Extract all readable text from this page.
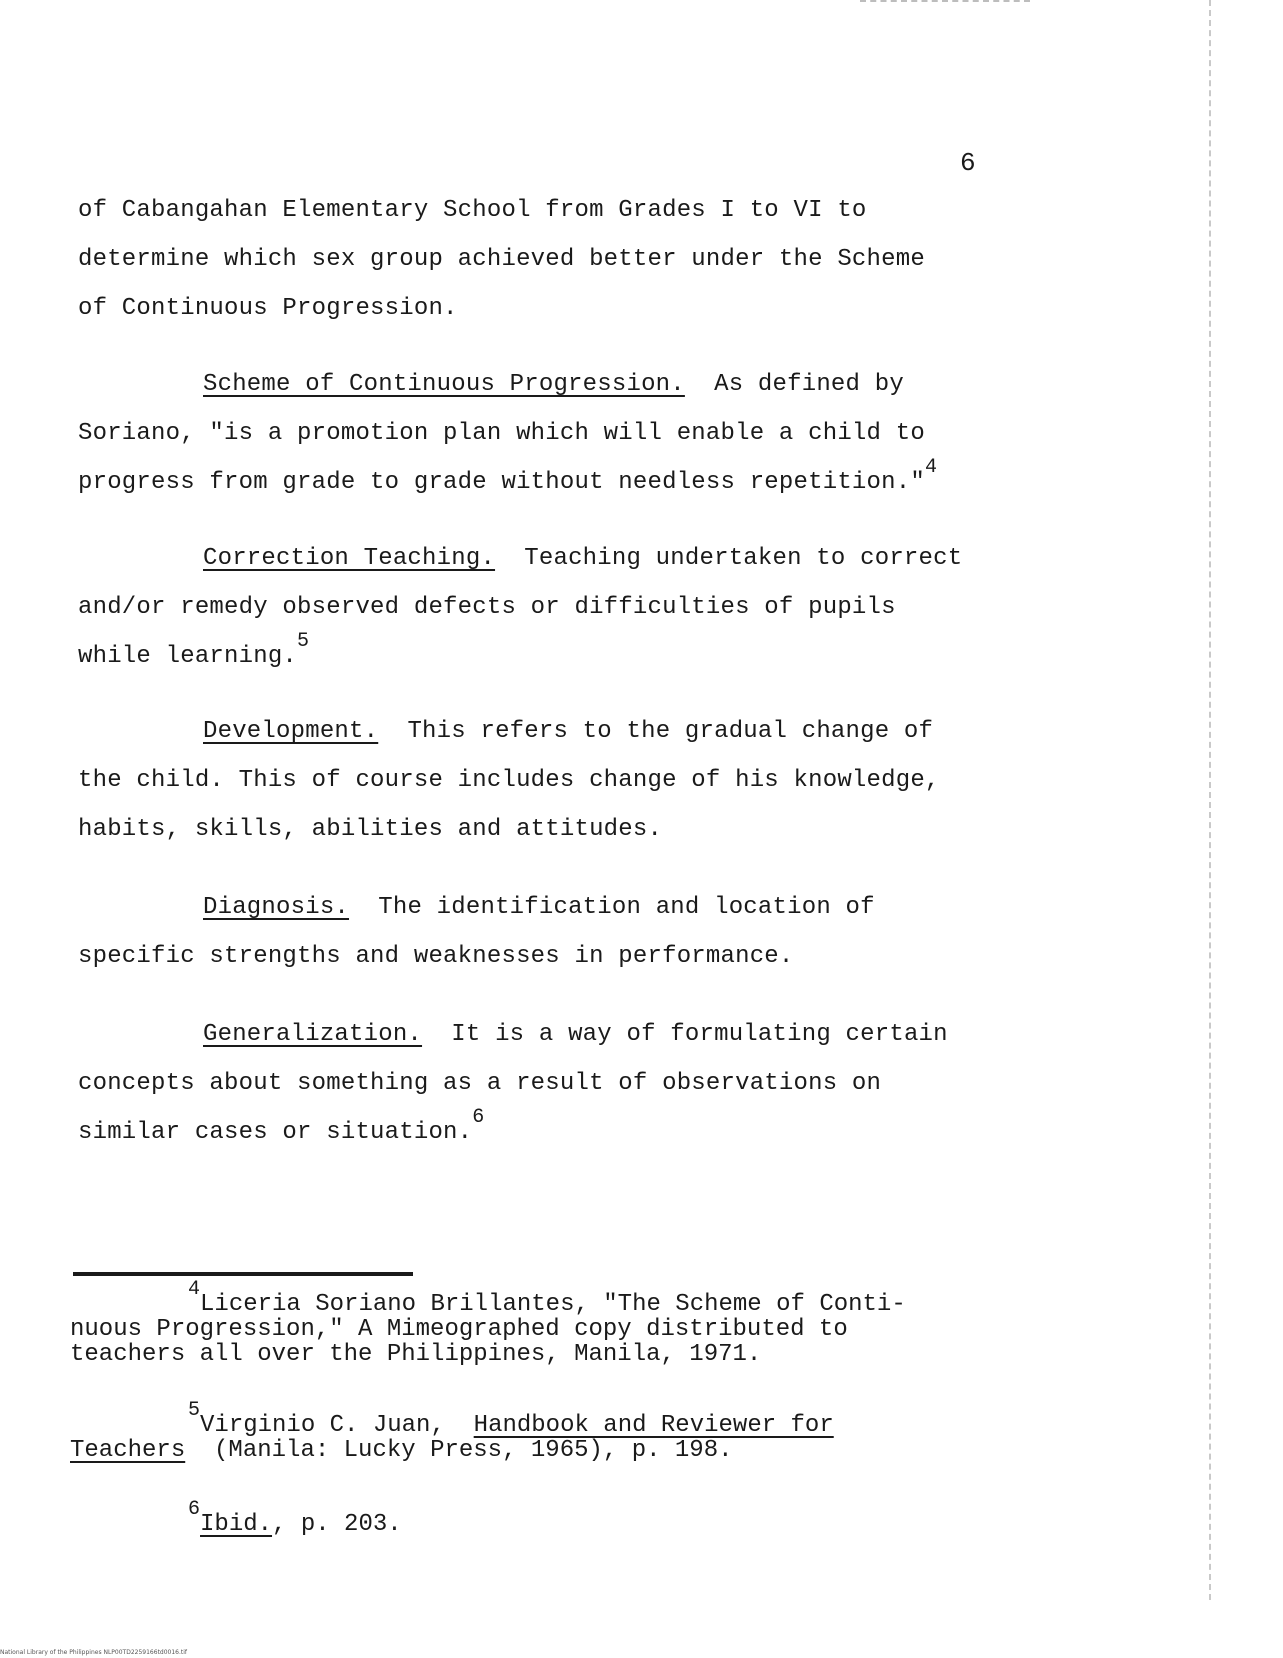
6
of Cabangahan Elementary School from Grades I to VI to
determine which sex group achieved better under the Scheme
of Continuous Progression.
Scheme of Continuous Progression. As defined by
Soriano, "is a promotion plan which will enable a child to
progress from grade to grade without needless repetition."$^4$
Correction Teaching. Teaching undertaken to correct
and/or remedy observed defects or difficulties of pupils
while learning.$^5$
Development. This refers to the gradual change of
the child. This of course includes change of his knowledge,
habits, skills, abilities and attitudes.
Diagnosis. The identification and location of
specific strengths and weaknesses in performance.
Generalization. It is a way of formulating certain
concepts about something as a result of observations on
similar cases or situation.$^6$
$^4$Liceria Soriano Brillantes, "The Scheme of Conti-
nuous Progression," A Mimeographed copy distributed to
teachers all over the Philippines, Manila, 1971.
$^5$Virginio C. Juan, Handbook and Reviewer for
Teachers (Manila: Lucky Press, 1965), p. 198.
$^6$Ibid., p. 203.
National Library of the Philippines NLP00TD2259166td0016.tif
